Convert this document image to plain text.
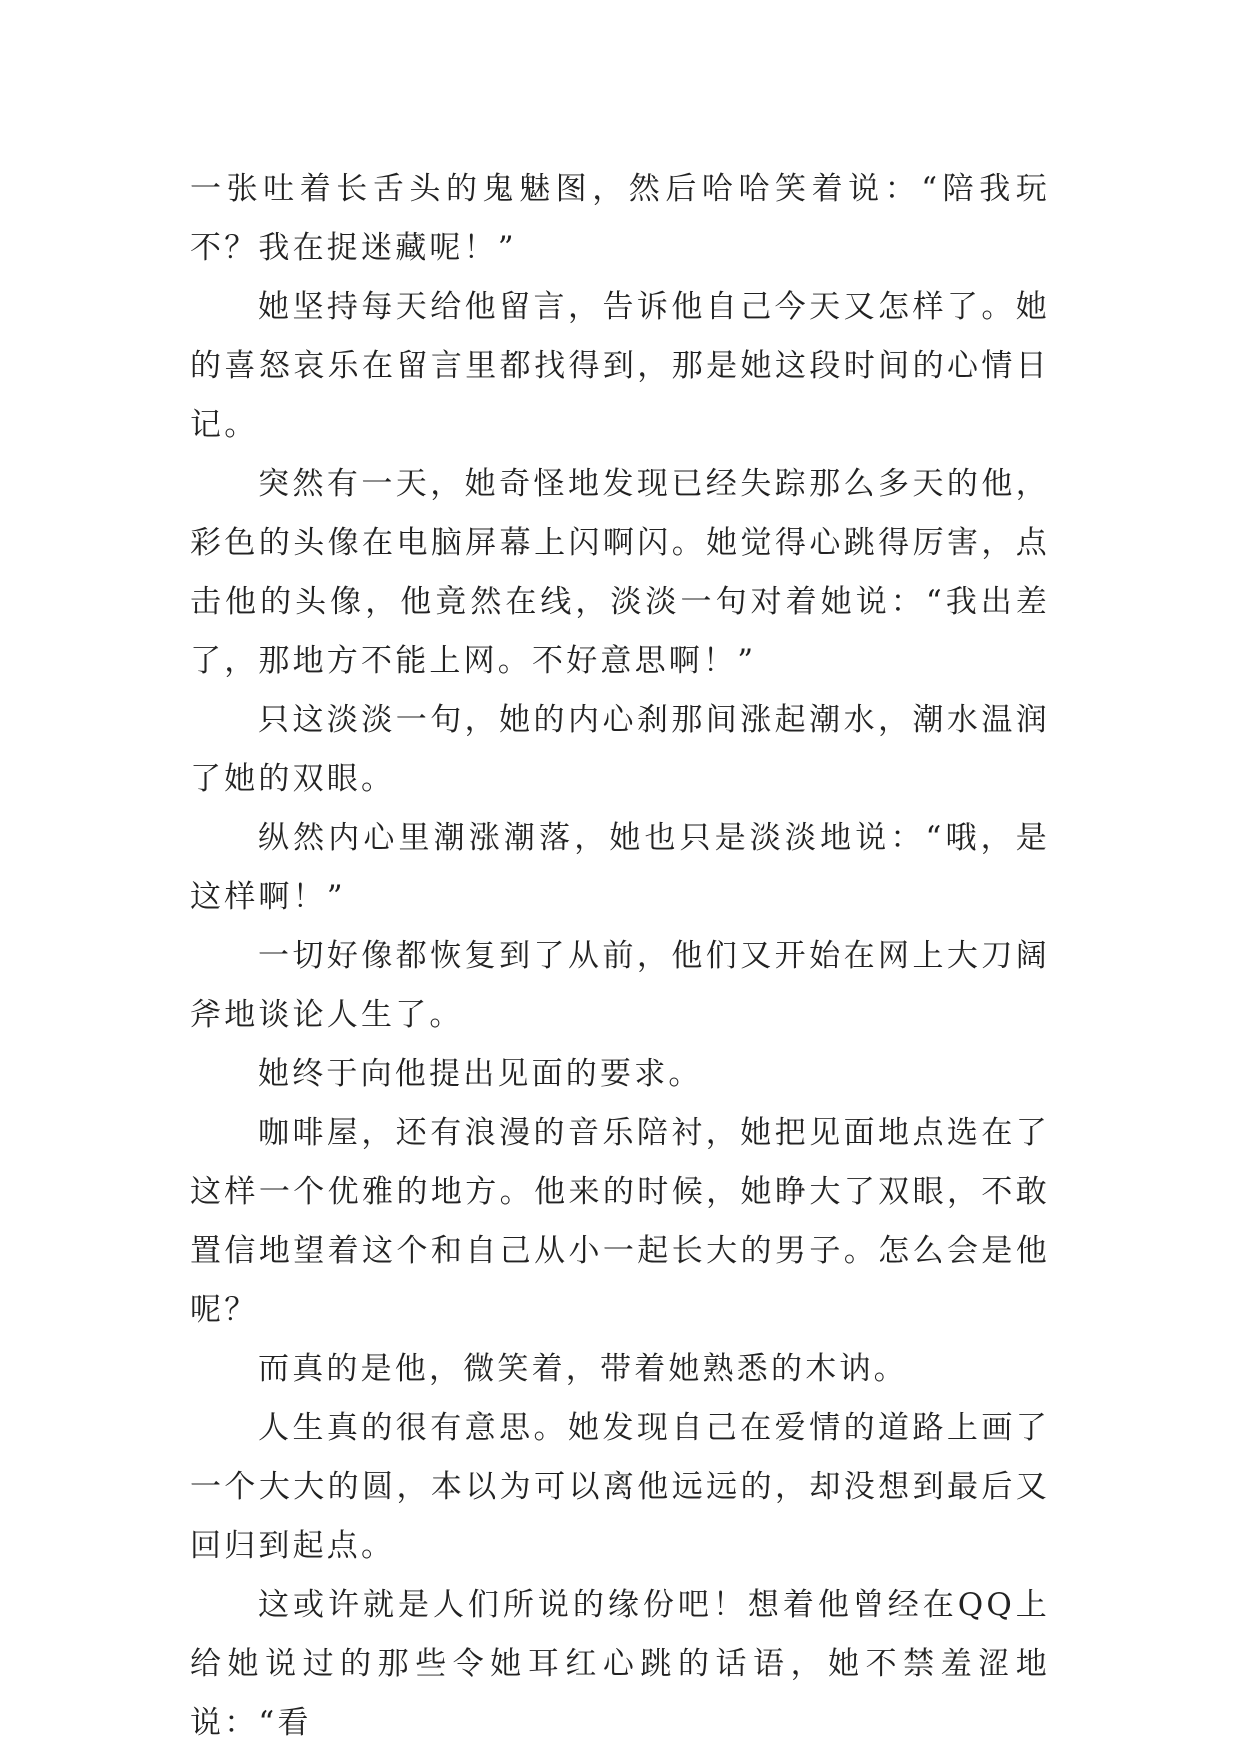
一张吐着长舌头的鬼魅图，然后哈哈笑着说：“陪我玩不？我在捉迷藏呢！”

她坚持每天给他留言，告诉他自己今天又怎样了。她的喜怒哀乐在留言里都找得到，那是她这段时间的心情日记。

突然有一天，她奇怪地发现已经失踪那么多天的他，彩色的头像在电脑屏幕上闪啊闪。她觉得心跳得厉害，点击他的头像，他竟然在线，淡淡一句对着她说：“我出差了，那地方不能上网。不好意思啊！”

只这淡淡一句，她的内心刹那间涨起潮水，潮水温润了她的双眼。

纵然内心里潮涨潮落，她也只是淡淡地说：“哦，是这样啊！”

一切好像都恢复到了从前，他们又开始在网上大刀阔斧地谈论人生了。

她终于向他提出见面的要求。

咖啡屋，还有浪漫的音乐陪衬，她把见面地点选在了这样一个优雅的地方。他来的时候，她睁大了双眼，不敢置信地望着这个和自己从小一起长大的男子。怎么会是他呢？

而真的是他，微笑着，带着她熟悉的木讷。

人生真的很有意思。她发现自己在爱情的道路上画了一个大大的圆，本以为可以离他远远的，却没想到最后又回归到起点。

这或许就是人们所说的缘份吧！想着他曾经在QQ上给她说过的那些令她耳红心跳的话语，她不禁羞涩地说：“看
